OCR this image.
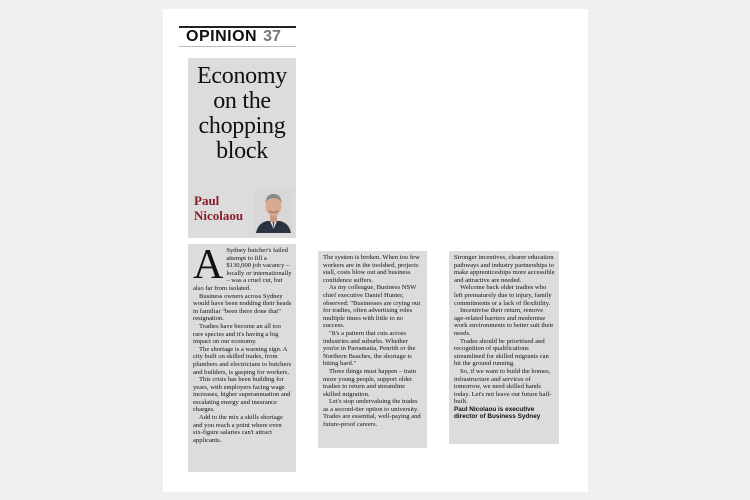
OPINION 37
Economy on the chopping block
Paul
Nicolaou

A Sydney butcher's failed attempt to fill a $130,000 job vacancy – locally or internationally – was a cruel cut, but also far from isolated.

Business owners across Sydney would have been nodding their heads in familiar "been there done that" resignation.

Tradies have become an all too rare species and it's having a big impact on our economy.

The shortage is a warning sign. A city built on skilled trades, from plumbers and electricians to butchers and builders, is gasping for workers.

This crisis has been building for years, with employers facing wage increases, higher superannuation and escalating energy and insurance charges.

Add to the mix a skills shortage and you reach a point where even six-figure salaries can't attract applicants.

The system is broken. When too few workers are in the toolshed, projects stall, costs blow out and business confidence suffers.

As my colleague, Business NSW chief executive Daniel Hunter, observed: "Businesses are crying out for tradies, often advertising roles multiple times with little to no success.

"It's a pattern that cuts across industries and suburbs. Whether you're in Parramatta, Penrith or the Northern Beaches, the shortage is biting hard."

Three things must happen – train more young people, support older tradies to return and streamline skilled migration.

Let's stop undervaluing the trades as a second-tier option to university. Trades are essential, well-paying and future-proof careers.

Stronger incentives, clearer education pathways and industry partnerships to make apprenticeships more accessible and attractive are needed.

Welcome back older tradies who left prematurely due to injury, family commitments or a lack of flexibility.

Incentivise their return, remove age-related barriers and modernise work environments to better suit their needs.

Trades should be prioritised and recognition of qualifications streamlined for skilled migrants can hit the ground running.

So, if we want to build the homes, infrastructure and services of tomorrow, we need skilled hands today. Let's not leave our future half-built.

Paul Nicolaou is executive director of Business Sydney
